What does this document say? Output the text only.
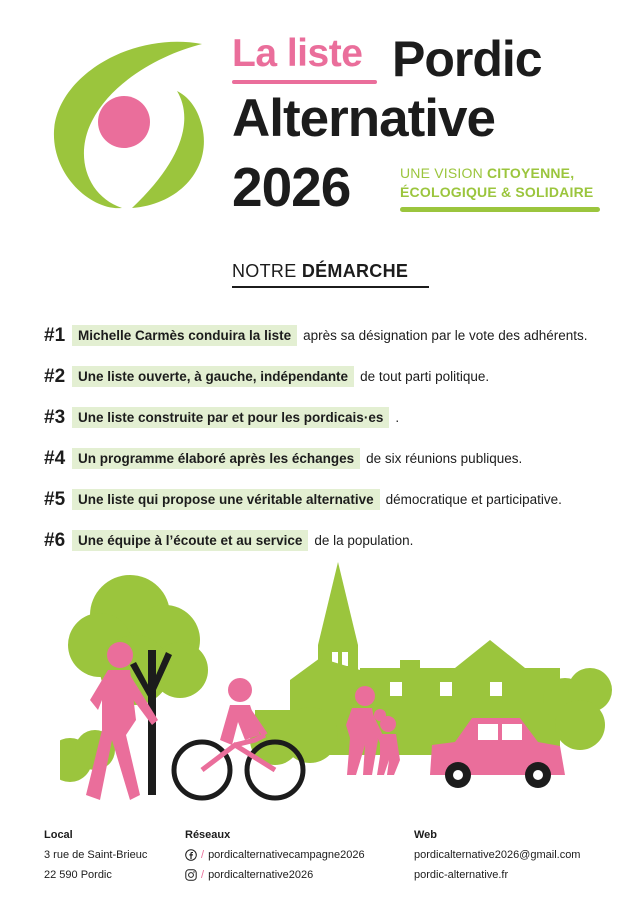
La liste Pordic
Alternative
2026	UNE VISION CITOYENNE,
ÉCOLOGIQUE & SOLIDAIRE
NOTRE DÉMARCHE
#1 Michelle Carmès conduira la liste après sa désignation par le vote des adhérents.
#2 Une liste ouverte, à gauche, indépendante de tout parti politique.
#3 Une liste construite par et pour les pordicais·es .
#4 Un programme élaboré après les échanges de six réunions publiques.
#5 Une liste qui propose une véritable alternative démocratique et participative.
#6 Une équipe à l’écoute et au service de la population.
Local
3 rue de Saint-Brieuc
22 590 Pordic
Réseaux
/ pordicalternativecampagne2026
/ pordicalternative2026
Web
pordicalternative2026@gmail.com
pordic-alternative.fr
